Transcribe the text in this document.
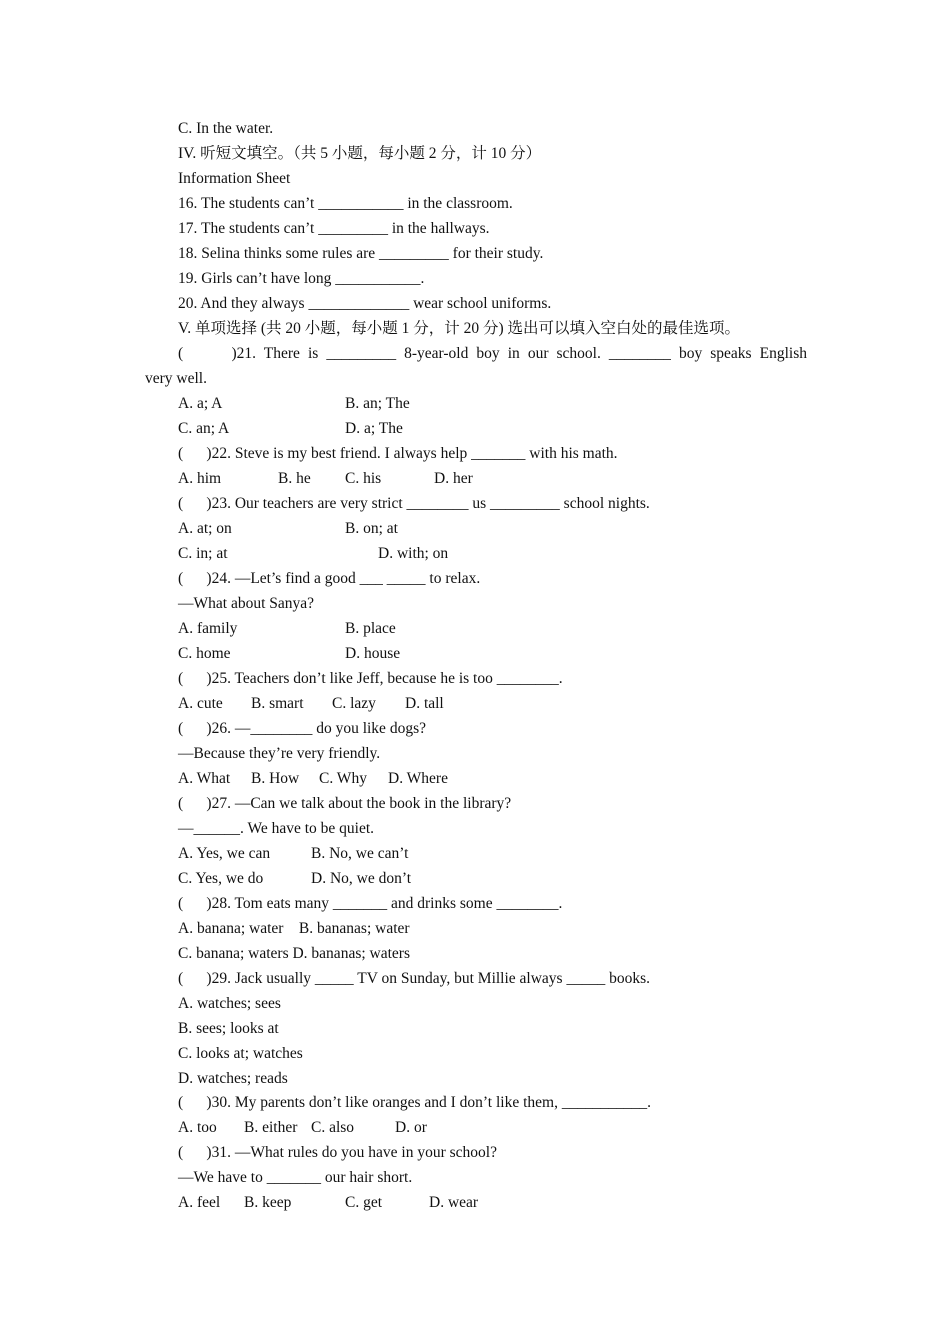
C. In the water.
IV. 听短文填空。（共 5 小题，每小题 2 分，计 10 分）
Information Sheet
16. The students can’t ___________ in the classroom.
17. The students can’t _________ in the hallways.
18. Selina thinks some rules are _________ for their study.
19. Girls can’t have long ___________.
20. And they always _____________ wear school uniforms.
V. 单项选择 (共 20 小题，每小题 1 分，计 20 分) 选出可以填入空白处的最佳选项。
(      )21. There is _________ 8-year-old boy in our school. ________ boy speaks English
very well.
A. a; A	B. an; The
C. an; A	D. a; The
(      )22. Steve is my best friend. I always help _______ with his math.
A. him	B. he C. his	D. her
(      )23. Our teachers are very strict ________ us _________ school nights.
A. at; on	B. on; at
C. in; at	D. with; on
(      )24. —Let’s find a good ___ _____ to relax.
—What about Sanya?
A. family	B. place
C. home	D. house
(      )25. Teachers don’t like Jeff, because he is too ________.
A. cute B. smart C. lazy D. tall
(      )26. —________ do you like dogs?
—Because they’re very friendly.
A. What B. How C. Why D. Where
(      )27. —Can we talk about the book in the library?
—______. We have to be quiet.
A. Yes, we can	B. No, we can’t
C. Yes, we do	D. No, we don’t
(      )28. Tom eats many _______ and drinks some ________.
A. banana; water    B. bananas; water
C. banana; waters D. bananas; waters
(      )29. Jack usually _____ TV on Sunday, but Millie always _____ books.
A. watches; sees
B. sees; looks at
C. looks at; watches
D. watches; reads
(      )30. My parents don’t like oranges and I don’t like them, ___________.
A. too B. either C. also	D. or
(      )31. —What rules do you have in your school?
—We have to _______ our hair short.
A. feel B. keep	C. get	D. wear
